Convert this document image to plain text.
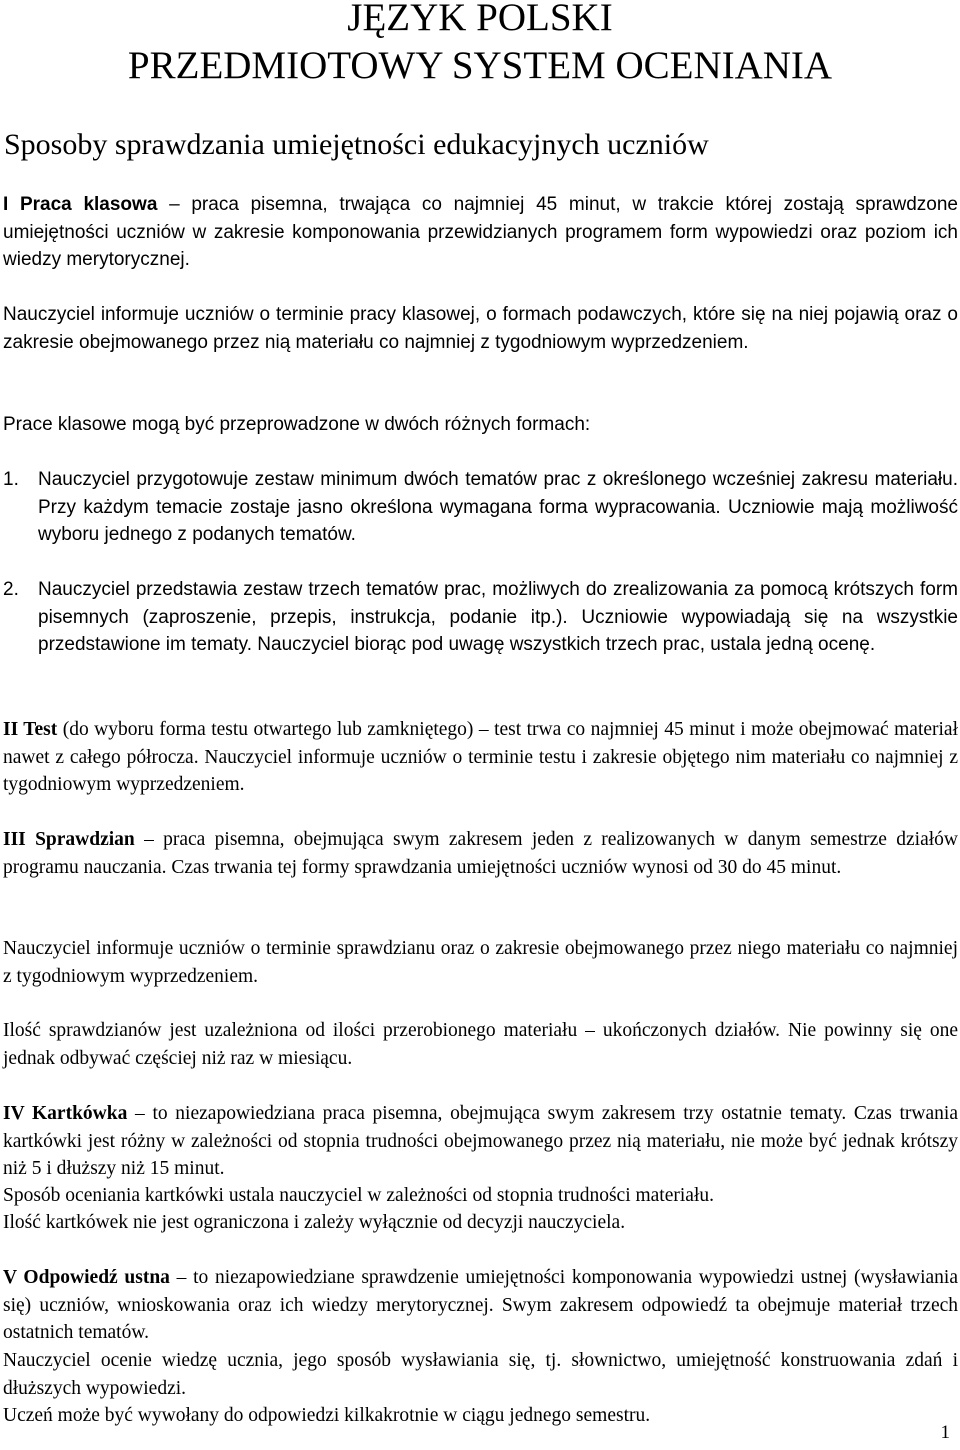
JĘZYK POLSKI
PRZEDMIOTOWY SYSTEM OCENIANIA
Sposoby sprawdzania umiejętności edukacyjnych uczniów

I Praca klasowa – praca pisemna, trwająca co najmniej 45 minut, w trakcie której zostają sprawdzone umiejętności uczniów w zakresie komponowania przewidzianych programem form wypowiedzi oraz poziom ich wiedzy merytorycznej.

Nauczyciel informuje uczniów o terminie pracy klasowej, o formach podawczych, które się na niej pojawią oraz o zakresie obejmowanego przez nią materiału co najmniej z tygodniowym wyprzedzeniem.

Prace klasowe mogą być przeprowadzone w dwóch różnych formach:

1. Nauczyciel przygotowuje zestaw minimum dwóch tematów prac z określonego wcześniej zakresu materiału. Przy każdym temacie zostaje jasno określona wymagana forma wypracowania. Uczniowie mają możliwość wyboru jednego z podanych tematów.
2. Nauczyciel przedstawia zestaw trzech tematów prac, możliwych do zrealizowania za pomocą krótszych form pisemnych (zaproszenie, przepis, instrukcja, podanie itp.). Uczniowie wypowiadają się na wszystkie przedstawione im tematy. Nauczyciel biorąc pod uwagę wszystkich trzech prac, ustala jedną ocenę.

II Test (do wyboru forma testu otwartego lub zamkniętego) – test trwa co najmniej 45 minut i może obejmować materiał nawet z całego półrocza. Nauczyciel informuje uczniów o terminie testu i zakresie objętego nim materiału co najmniej z tygodniowym wyprzedzeniem.

III Sprawdzian – praca pisemna, obejmująca swym zakresem jeden z realizowanych w danym semestrze działów programu nauczania. Czas trwania tej formy sprawdzania umiejętności uczniów wynosi od 30 do 45 minut.

Nauczyciel informuje uczniów o terminie sprawdzianu oraz o zakresie obejmowanego przez niego materiału co najmniej z tygodniowym wyprzedzeniem.

Ilość sprawdzianów jest uzależniona od ilości przerobionego materiału – ukończonych działów. Nie powinny się one jednak odbywać częściej niż raz w miesiącu.

IV Kartkówka – to niezapowiedziana praca pisemna, obejmująca swym zakresem trzy ostatnie tematy. Czas trwania kartkówki jest różny w zależności od stopnia trudności obejmowanego przez nią materiału, nie może być jednak krótszy niż 5 i dłuższy niż 15 minut.

Sposób oceniania kartkówki ustala nauczyciel w zależności od stopnia trudności materiału.

Ilość kartkówek nie jest ograniczona i zależy wyłącznie od decyzji nauczyciela.

V Odpowiedź ustna – to niezapowiedziane sprawdzenie umiejętności komponowania wypowiedzi ustnej (wysławiania się) uczniów, wnioskowania oraz ich wiedzy merytorycznej. Swym zakresem odpowiedź ta obejmuje materiał trzech ostatnich tematów.

Nauczyciel ocenie wiedzę ucznia, jego sposób wysławiania się, tj. słownictwo, umiejętność konstruowania zdań i dłuższych wypowiedzi.

Uczeń może być wywołany do odpowiedzi kilkakrotnie w ciągu jednego semestru.

1
